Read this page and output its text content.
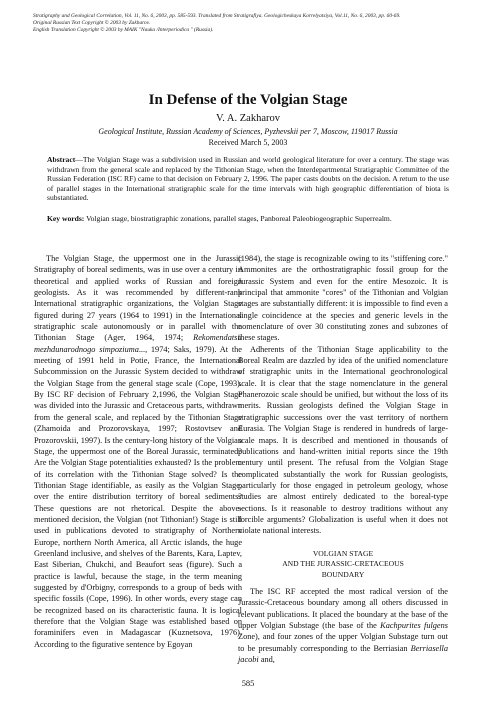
Stratigraphy and Geological Correlation, Vol. 11, No. 6, 2003, pp. 585-593. Translated from Stratigrafiya. Geologicheskaya Korrelyatsiya, Vol.11, No. 6, 2003, pp. 60-69.
Original Russian Text Copyright © 2003 by Zakharov.
English Translation Copyright © 2003 by MAIK "Nauka /Interperiodica " (Russia).
In Defense of the Volgian Stage
V. A. Zakharov
Geological Institute, Russian Academy of Sciences, Pyzhevskii per 7, Moscow, 119017 Russia
Received March 5, 2003
Abstract—The Volgian Stage was a subdivision used in Russian and world geological literature for over a century. The stage was withdrawn from the general scale and replaced by the Tithonian Stage, when the Interdepartmental Stratigraphic Committee of the Russian Federation (ISC RF) came to that decision on February 2, 1996. The paper casts doubts on the decision. A return to the use of parallel stages in the International stratigraphic scale for the time intervals with high geographic differentiation of biota is substantiated.
Key words: Volgian stage, biostratigraphic zonations, parallel stages, Panboreal Paleobiogeographic Superrealm.

The Volgian Stage, the uppermost one in the Jurassic Stratigraphy of boreal sediments, was in use over a century in theoretical and applied works of Russian and foreign geologists. As it was recommended by different-rank International stratigraphic organizations, the Volgian Stage figured during 27 years (1964 to 1991) in the International stratigraphic scale autonomously or in parallel with the Tithonian Stage (Ager, 1964, 1974; Rekomendatsii mezhdunarodnogo simpoziuma..., 1974; Saks, 1979). At the meeting of 1991 held in Potie, France, the International Subcommission on the Jurassic System decided to withdraw the Volgian Stage from the general stage scale (Cope, 1993). By ISC RF decision of February 2,1996, the Volgian Stage was divided into the Jurassic and Cretaceous parts, withdrawn from the general scale, and replaced by the Tithonian Stage (Zhamoida and Prozorovskaya, 1997; Rostovtsev and Prozorovskii, 1997). Is the century-long history of the Volgian Stage, the uppermost one of the Boreal Jurassic, terminated? Are the Volgian Stage potentialities exhausted? Is the problem of its correlation with the Tithonian Stage solved? Is the Tithonian Stage identifiable, as easily as the Volgian Stage, over the entire distribution territory of boreal sediments? These questions are not rhetorical. Despite the above-mentioned decision, the Volgian (not Tithonian!) Stage is still used in publications devoted to stratigraphy of Northern Europe, northern North America, all Arctic islands, the huge Greenland inclusive, and shelves of the Barents, Kara, Laptev, East Siberian, Chukchi, and Beaufort seas (figure). Such a practice is lawful, because the stage, in the term meaning suggested by d'Orbigny, corresponds to a group of beds with specific fossils (Cope, 1996). In other words, every stage can be recognized based on its characteristic fauna. It is logical therefore that the Volgian Stage was established based on foraminifers even in Madagascar (Kuznetsova, 1976). According to the figurative sentence by Egoyan

(1984), the stage is recognizable owing to its "stiffening core." Ammonites are the orthostratigraphic fossil group for the Jurassic System and even for the entire Mesozoic. It is principal that ammonite "cores" of the Tithonian and Volgian stages are substantially different: it is impossible to find even a single coincidence at the species and generic levels in the nomenclature of over 30 constituting zones and subzones of these stages.

Adherents of the Tithonian Stage applicability to the Boreal Realm are dazzled by idea of the unified nomenclature of stratigraphic units in the International geochronological scale. It is clear that the stage nomenclature in the general Phanerozoic scale should be unified, but without the loss of its merits. Russian geologists defined the Volgian Stage in stratigraphic successions over the vast territory of northern Eurasia. The Volgian Stage is rendered in hundreds of large-scale maps. It is described and mentioned in thousands of publications and hand-written initial reports since the 19th century until present. The refusal from the Volgian Stage complicated substantially the work for Russian geologists, particularly for those engaged in petroleum geology, whose studies are almost entirely dedicated to the boreal-type sections. Is it reasonable to destroy traditions without any forcible arguments? Globalization is useful when it does not violate national interests.

VOLGIAN STAGE
AND THE JURASSIC-CRETACEOUS
BOUNDARY

The ISC RF accepted the most radical version of the Jurassic-Cretaceous boundary among all others discussed in relevant publications. It placed the boundary at the base of the upper Volgian Substage (the base of the Kachpurites fulgens Zone), and four zones of the upper Volgian Substage turn out to be presumably corresponding to the Berriasian Berriasella jacobi and,

585
